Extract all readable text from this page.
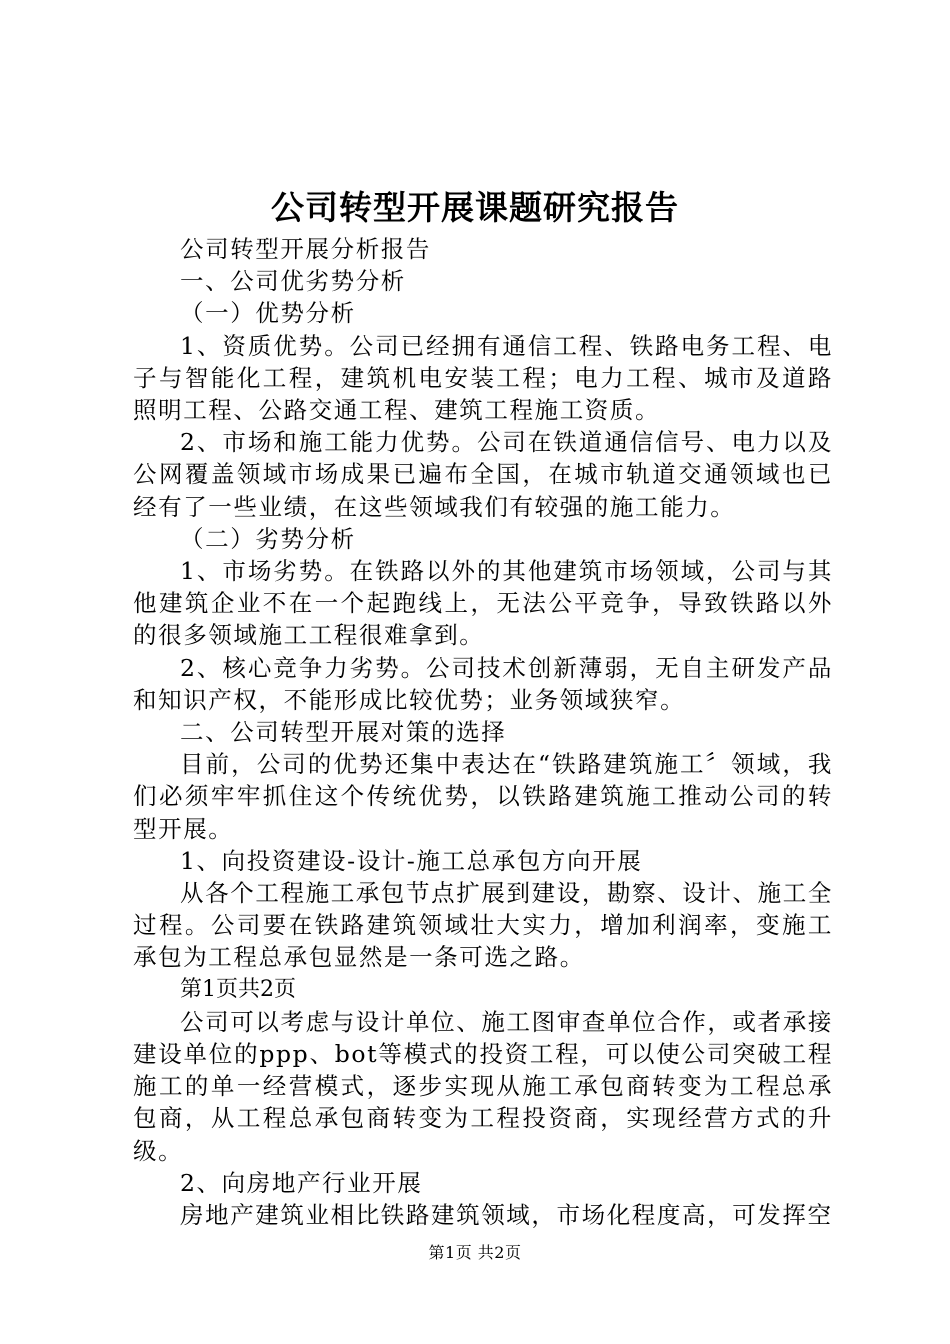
公司转型开展课题研究报告

公司转型开展分析报告

一、公司优劣势分析

（一）优势分析

1、资质优势。公司已经拥有通信工程、铁路电务工程、电子与智能化工程，建筑机电安装工程；电力工程、城市及道路照明工程、公路交通工程、建筑工程施工资质。

2、市场和施工能力优势。公司在铁道通信信号、电力以及公网覆盖领域市场成果已遍布全国，在城市轨道交通领域也已经有了一些业绩，在这些领域我们有较强的施工能力。

（二）劣势分析

1、市场劣势。在铁路以外的其他建筑市场领域，公司与其他建筑企业不在一个起跑线上，无法公平竞争，导致铁路以外的很多领域施工工程很难拿到。

2、核心竞争力劣势。公司技术创新薄弱，无自主研发产品和知识产权，不能形成比较优势；业务领域狭窄。

二、公司转型开展对策的选择

目前，公司的优势还集中表达在“铁路建筑施工〞领域，我们必须牢牢抓住这个传统优势，以铁路建筑施工推动公司的转型开展。

1、向投资建设-设计-施工总承包方向开展

从各个工程施工承包节点扩展到建设，勘察、设计、施工全过程。公司要在铁路建筑领域壮大实力，增加利润率，变施工承包为工程总承包显然是一条可选之路。

第1页共2页

公司可以考虑与设计单位、施工图审查单位合作，或者承接建设单位的ppp、bot等模式的投资工程，可以使公司突破工程施工的单一经营模式，逐步实现从施工承包商转变为工程总承包商，从工程总承包商转变为工程投资商，实现经营方式的升级。

2、向房地产行业开展

房地产建筑业相比铁路建筑领域，市场化程度高，可发挥空

第1页 共2页
